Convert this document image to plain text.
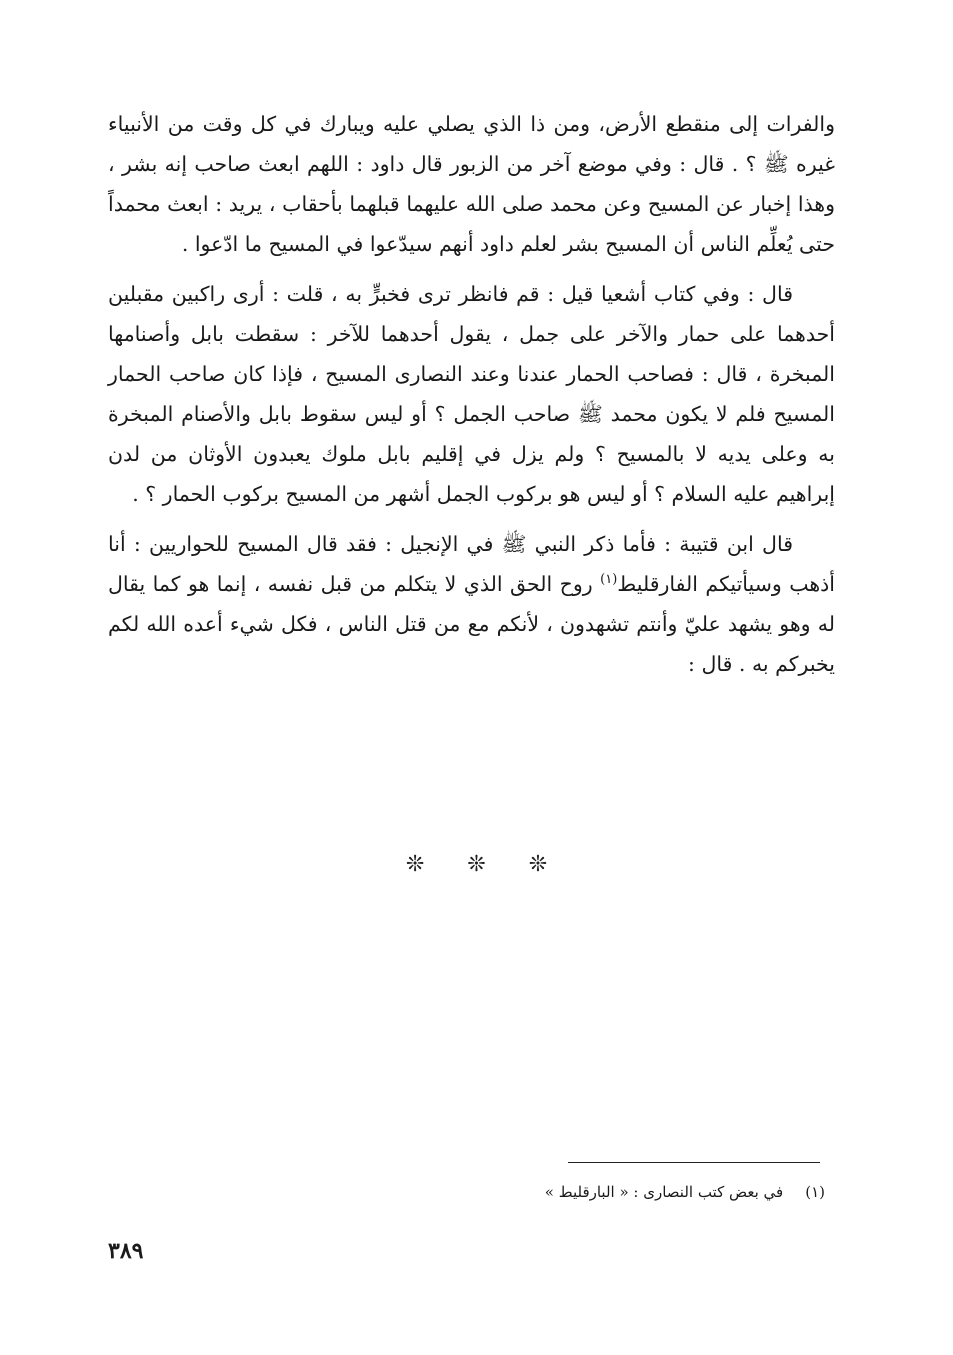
والفرات إلى منقطع الأرض، ومن ذا الذي يصلي عليه ويبارك في كل وقت من الأنبياء غيره ﷺ ؟ . قال : وفي موضع آخر من الزبور قال داود : اللهم ابعث صاحب إنه بشر ، وهذا إخبار عن المسيح وعن محمد صلى الله عليهما قبلهما بأحقاب ، يريد : ابعث محمداً حتى يُعلِّم الناس أن المسيح بشر لعلم داود أنهم سيدّعوا في المسيح ما ادّعوا .

قال : وفي كتاب أشعيا قيل : قم فانظر ترى فخبرٍّ به ، قلت : أرى راكبين مقبلين أحدهما على حمار والآخر على جمل ، يقول أحدهما للآخر : سقطت بابل وأصنامها المبخرة ، قال : فصاحب الحمار عندنا وعند النصارى المسيح ، فإذا كان صاحب الحمار المسيح فلم لا يكون محمد ﷺ صاحب الجمل ؟ أو ليس سقوط بابل والأصنام المبخرة به وعلى يديه لا بالمسيح ؟ ولم يزل في إقليم بابل ملوك يعبدون الأوثان من لدن إبراهيم عليه السلام ؟ أو ليس هو بركوب الجمل أشهر من المسيح بركوب الحمار ؟ .

قال ابن قتيبة : فأما ذكر النبي ﷺ في الإنجيل : فقد قال المسيح للحواريين : أنا أذهب وسيأتيكم الفارقليط$^{(١)}$ روح الحق الذي لا يتكلم من قبل نفسه ، إنما هو كما يقال له وهو يشهد عليّ وأنتم تشهدون ، لأنكم مع من قتل الناس ، فكل شيء أعده الله لكم يخبركم به . قال :

❊ ❊ ❊
(١)في بعض كتب النصارى : « البارقليط »
٣٨٩
